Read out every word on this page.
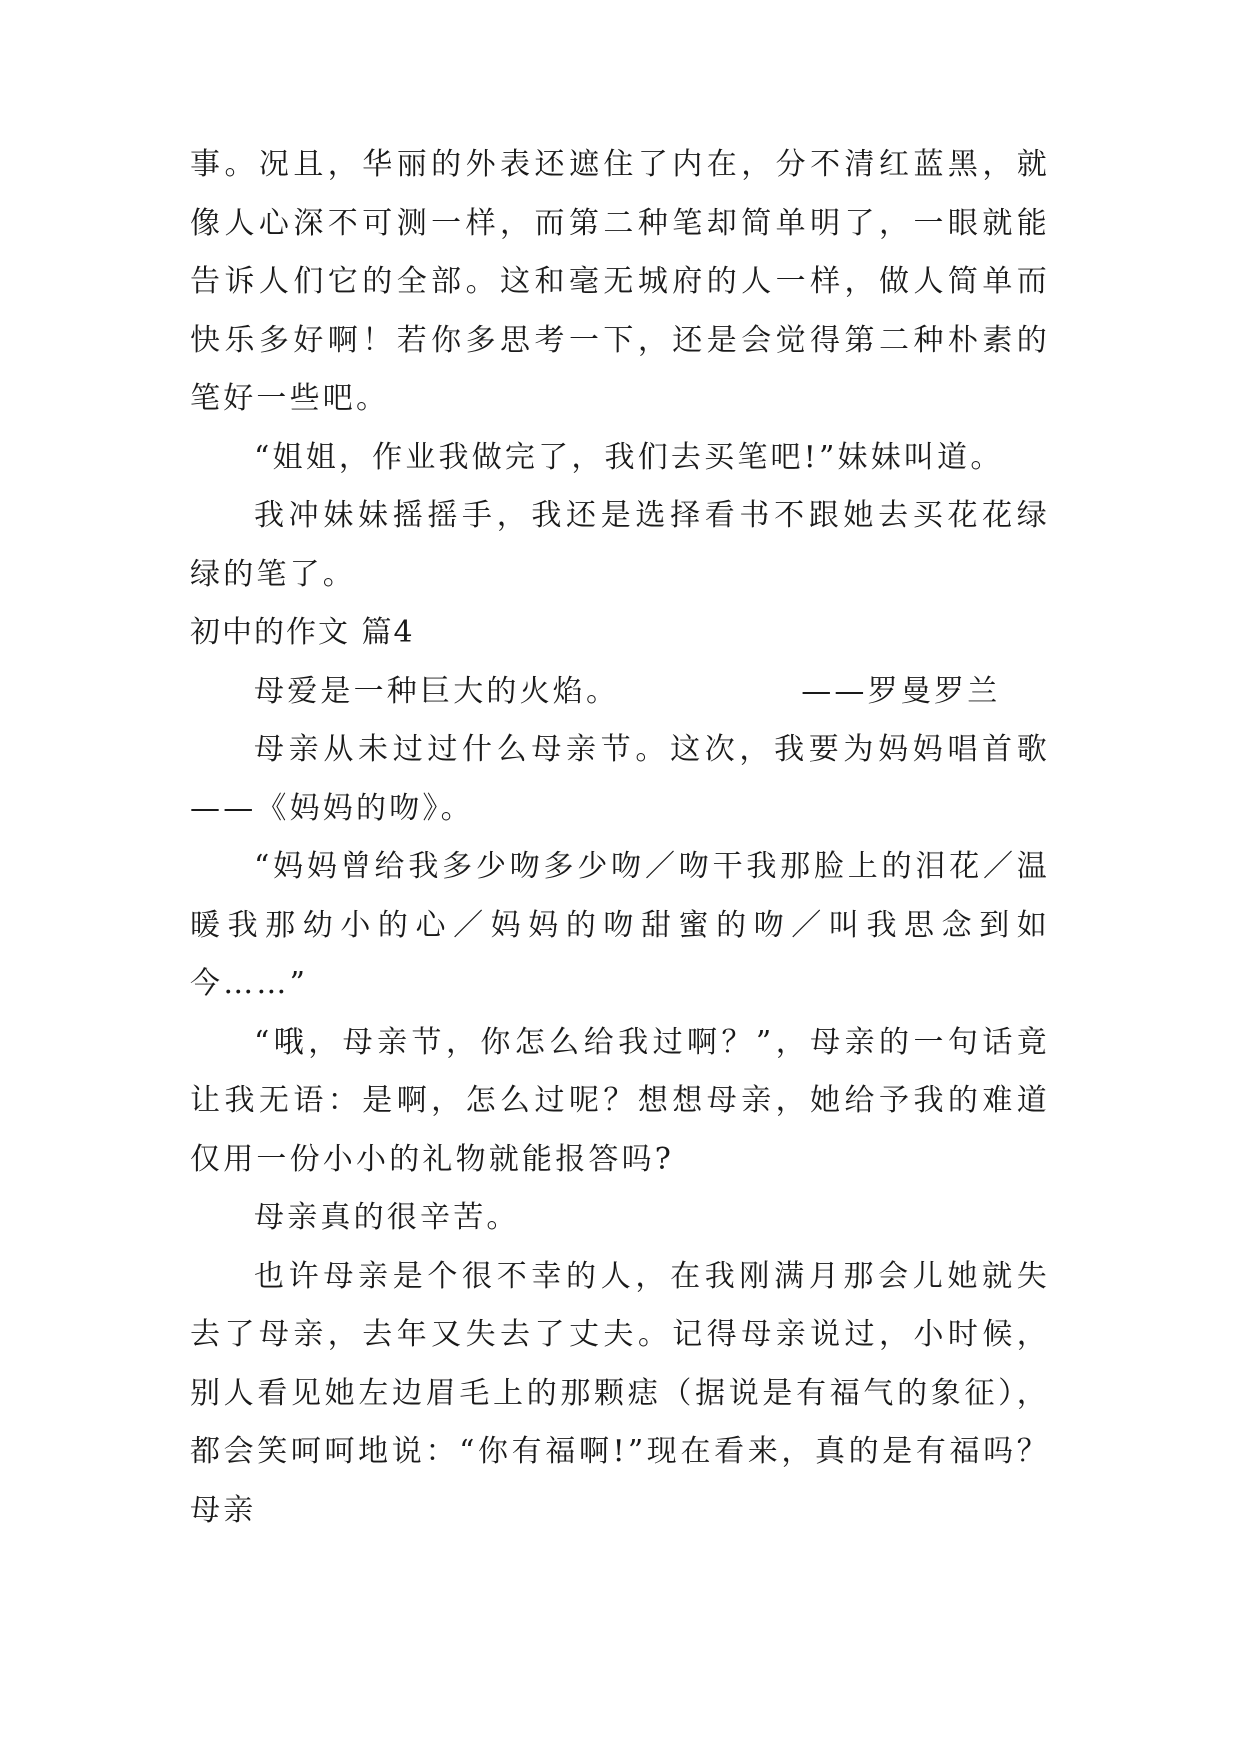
事。况且，华丽的外表还遮住了内在，分不清红蓝黑，就像人心深不可测一样，而第二种笔却简单明了，一眼就能告诉人们它的全部。这和毫无城府的人一样，做人简单而快乐多好啊！若你多思考一下，还是会觉得第二种朴素的笔好一些吧。

“姐姐，作业我做完了，我们去买笔吧!”妹妹叫道。

我冲妹妹摇摇手，我还是选择看书不跟她去买花花绿绿的笔了。

初中的作文 篇4

母爱是一种巨大的火焰。	——罗曼罗兰

母亲从未过过什么母亲节。这次，我要为妈妈唱首歌——《妈妈的吻》。

“妈妈曾给我多少吻多少吻／吻干我那脸上的泪花／温暖我那幼小的心／妈妈的吻甜蜜的吻／叫我思念到如今……”

“哦，母亲节，你怎么给我过啊？”，母亲的一句话竟让我无语：是啊，怎么过呢？想想母亲，她给予我的难道仅用一份小小的礼物就能报答吗?

母亲真的很辛苦。

也许母亲是个很不幸的人，在我刚满月那会儿她就失去了母亲，去年又失去了丈夫。记得母亲说过，小时候，别人看见她左边眉毛上的那颗痣（据说是有福气的象征），都会笑呵呵地说：“你有福啊!”现在看来，真的是有福吗？母亲
